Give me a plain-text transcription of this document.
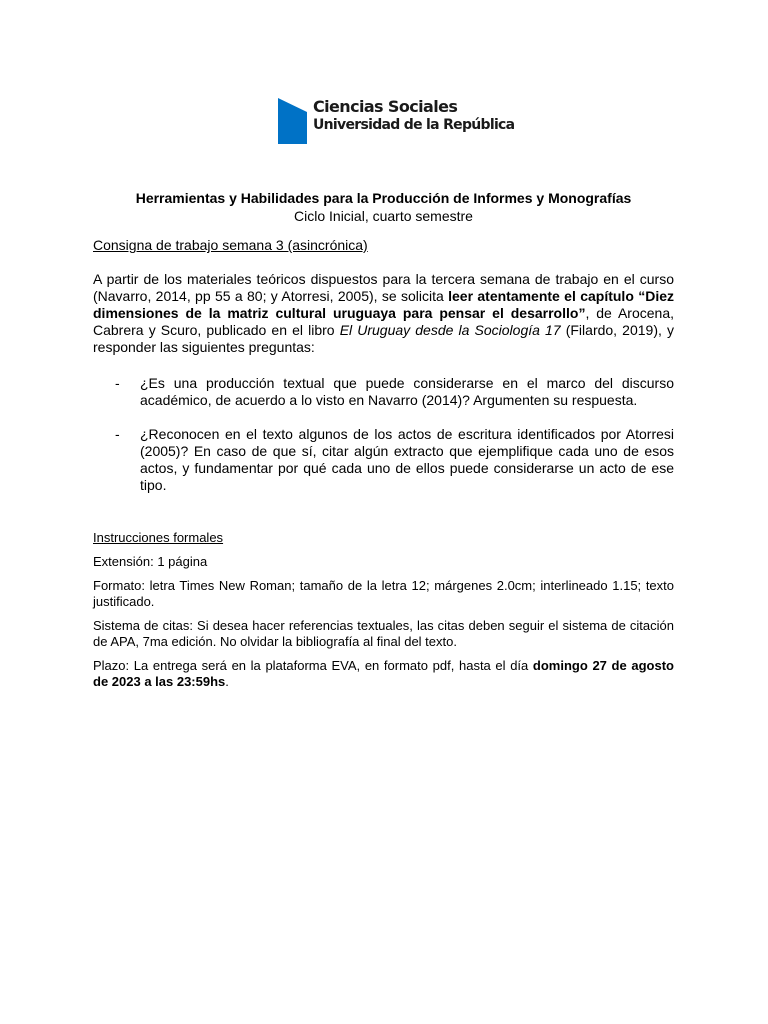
Ciencias Sociales
Universidad de la República

Herramientas y Habilidades para la Producción de Informes y Monografías

Ciclo Inicial, cuarto semestre

Consigna de trabajo semana 3 (asincrónica)

A partir de los materiales teóricos dispuestos para la tercera semana de trabajo en el curso (Navarro, 2014, pp 55 a 80; y Atorresi, 2005), se solicita leer atentamente el capítulo “Diez dimensiones de la matriz cultural uruguaya para pensar el desarrollo”, de Arocena, Cabrera y Scuro, publicado en el libro El Uruguay desde la Sociología 17 (Filardo, 2019), y responder las siguientes preguntas:

-	¿Es una producción textual que puede considerarse en el marco del discurso académico, de acuerdo a lo visto en Navarro (2014)? Argumenten su respuesta.
-	¿Reconocen en el texto algunos de los actos de escritura identificados por Atorresi (2005)? En caso de que sí, citar algún extracto que ejemplifique cada uno de esos actos, y fundamentar por qué cada uno de ellos puede considerarse un acto de ese tipo.

Instrucciones formales

Extensión: 1 página

Formato: letra Times New Roman; tamaño de la letra 12; márgenes 2.0cm; interlineado 1.15; texto justificado.

Sistema de citas: Si desea hacer referencias textuales, las citas deben seguir el sistema de citación de APA, 7ma edición. No olvidar la bibliografía al final del texto.

Plazo: La entrega será en la plataforma EVA, en formato pdf, hasta el día domingo 27 de agosto de 2023 a las 23:59hs.
